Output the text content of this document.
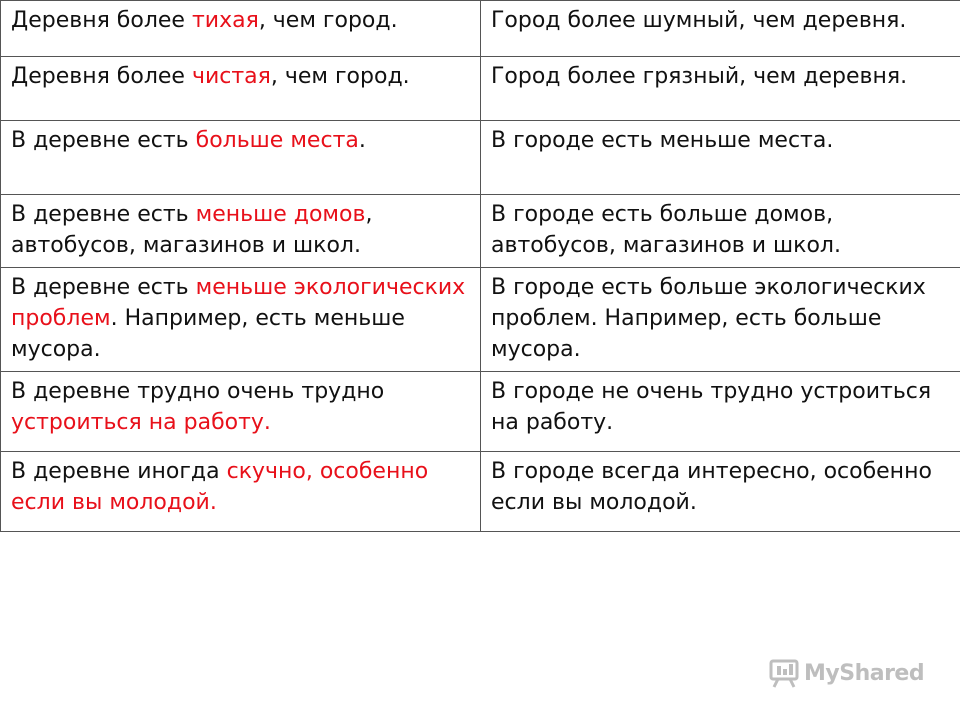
Деревня более тихая, чем город.	Город более шумный, чем деревня.
Деревня более чистая, чем город.	Город более грязный, чем деревня.
В деревне есть больше места.	В городе есть меньше места.
В деревне есть меньше домов, автобусов, магазинов и школ.	В городе есть больше домов, автобусов, магазинов и школ.
В деревне есть меньше экологических проблем. Например, есть меньше мусора.	В городе есть больше экологических проблем. Например, есть больше мусора.
В деревне трудно очень трудно устроиться на работу.	В городе не очень трудно устроиться на работу.
В деревне иногда скучно, особенно если вы молодой.	В городе всегда интересно, особенно если вы молодой.
MyShared
